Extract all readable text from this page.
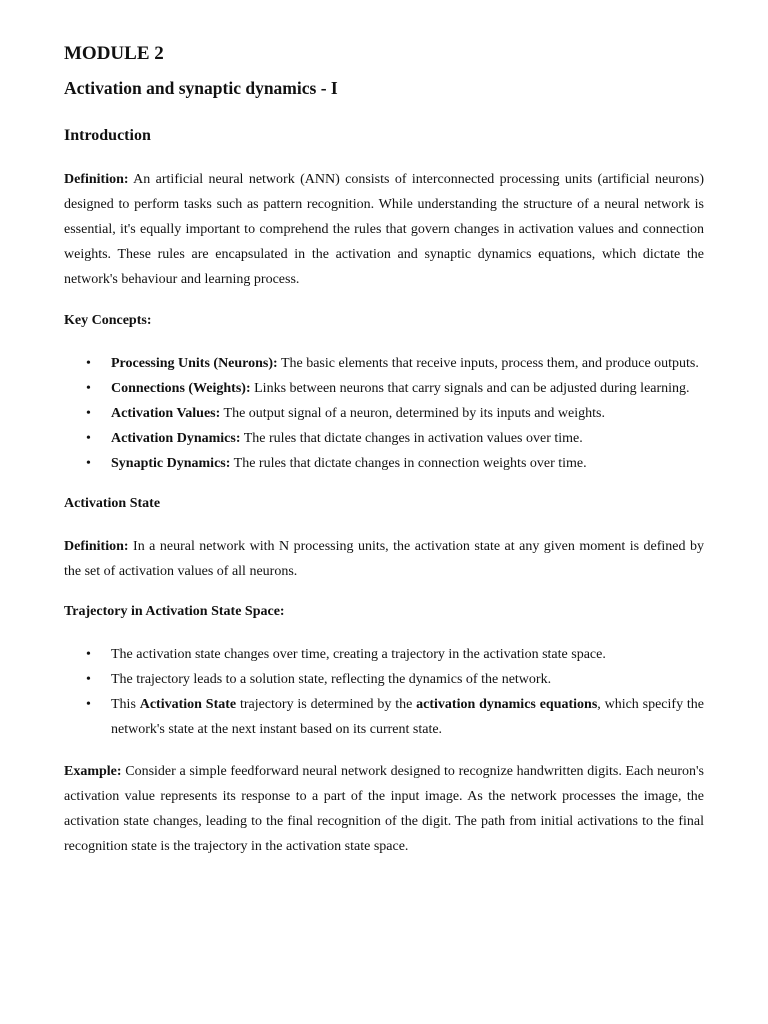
MODULE 2
Activation and synaptic dynamics - I
Introduction

Definition: An artificial neural network (ANN) consists of interconnected processing units (artificial neurons) designed to perform tasks such as pattern recognition. While understanding the structure of a neural network is essential, it's equally important to comprehend the rules that govern changes in activation values and connection weights. These rules are encapsulated in the activation and synaptic dynamics equations, which dictate the network's behaviour and learning process.

Key Concepts:
• Processing Units (Neurons): The basic elements that receive inputs, process them, and produce outputs.
• Connections (Weights): Links between neurons that carry signals and can be adjusted during learning.
• Activation Values: The output signal of a neuron, determined by its inputs and weights.
• Activation Dynamics: The rules that dictate changes in activation values over time.
• Synaptic Dynamics: The rules that dictate changes in connection weights over time.
Activation State

Definition: In a neural network with N processing units, the activation state at any given moment is defined by the set of activation values of all neurons.

Trajectory in Activation State Space:
• The activation state changes over time, creating a trajectory in the activation state space.
• The trajectory leads to a solution state, reflecting the dynamics of the network.
• This Activation State trajectory is determined by the activation dynamics equations, which specify the network's state at the next instant based on its current state.

Example: Consider a simple feedforward neural network designed to recognize handwritten digits. Each neuron's activation value represents its response to a part of the input image. As the network processes the image, the activation state changes, leading to the final recognition of the digit. The path from initial activations to the final recognition state is the trajectory in the activation state space.
